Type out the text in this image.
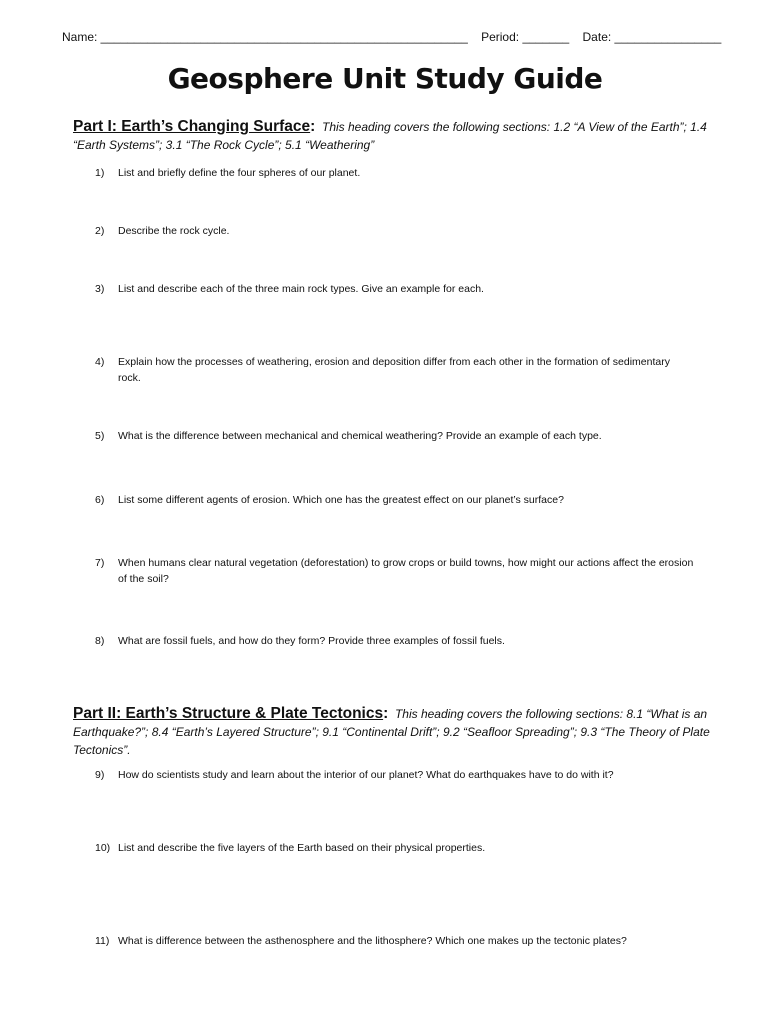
Name: _______________________________________________________ Period: _______ Date: ________________
Geosphere Unit Study Guide
Part I: Earth’s Changing Surface: This heading covers the following sections: 1.2 “A View of the Earth”; 1.4 “Earth Systems”; 3.1 “The Rock Cycle”; 5.1 “Weathering”
1)	List and briefly define the four spheres of our planet.
2)	Describe the rock cycle.
3)	List and describe each of the three main rock types. Give an example for each.
4)	Explain how the processes of weathering, erosion and deposition differ from each other in the formation of sedimentary rock.
5)	What is the difference between mechanical and chemical weathering? Provide an example of each type.
6)	List some different agents of erosion. Which one has the greatest effect on our planet’s surface?
7)	When humans clear natural vegetation (deforestation) to grow crops or build towns, how might our actions affect the erosion of the soil?
8)	What are fossil fuels, and how do they form? Provide three examples of fossil fuels.
Part II: Earth’s Structure & Plate Tectonics: This heading covers the following sections: 8.1 “What is an Earthquake?”; 8.4 “Earth’s Layered Structure”; 9.1 “Continental Drift”; 9.2 “Seafloor Spreading”; 9.3 “The Theory of Plate Tectonics”.
9)	How do scientists study and learn about the interior of our planet? What do earthquakes have to do with it?
10) List and describe the five layers of the Earth based on their physical properties.
11) What is difference between the asthenosphere and the lithosphere? Which one makes up the tectonic plates?
